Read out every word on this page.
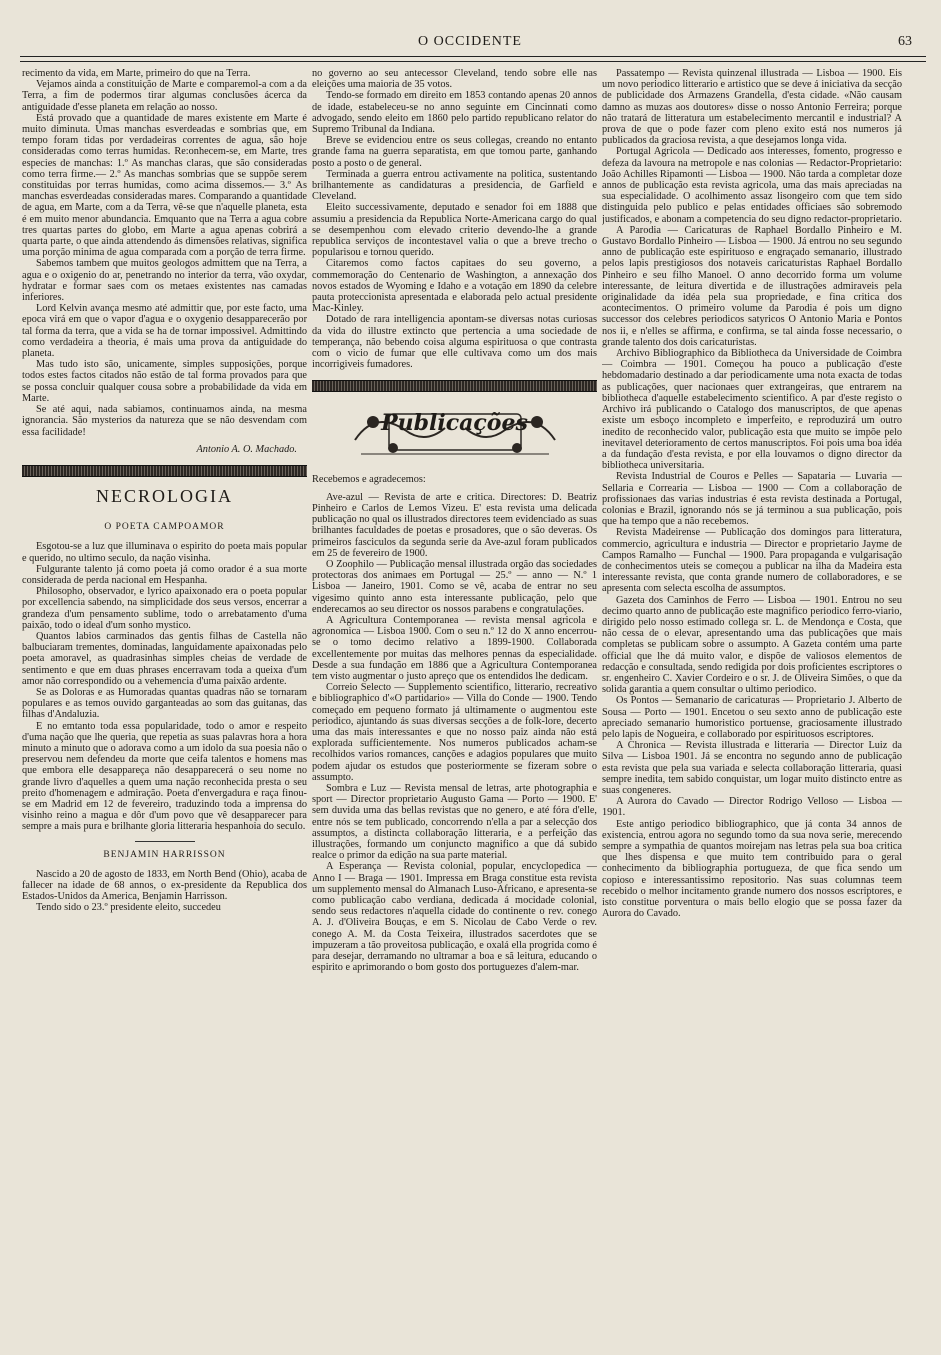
O OCCIDENTE	63

recimento da vida, em Marte, primeiro do que na Terra.

Vejamos ainda a constituição de Marte e comparemol-a com a da Terra, a fim de podermos tirar algumas conclusões ácerca da antiguidade d'esse planeta em relação ao nosso.

Está provado que a quantidade de mares existente em Marte é muito diminuta. Umas manchas esverdeadas e sombrias que, em tempo foram tidas por verdadeiras correntes de agua, são hoje consideradas como terras humidas. Re:onhecem-se, em Marte, tres especies de manchas: 1.º As manchas claras, que são consideradas como terra firme.— 2.º As manchas sombrias que se suppõe serem constituidas por terras humidas, como acima dissemos.— 3.º As manchas esverdeadas consideradas mares. Comparando a quantidade de agua, em Marte, com a da Terra, vê-se que n'aquelle planeta, esta é em muito menor abundancia. Emquanto que na Terra a agua cobre tres quartas partes do globo, em Marte a agua apenas cobrirá a quarta parte, o que ainda attendendo ás dimensões relativas, significa uma porção minima de agua comparada com a porção de terra firme.

Sabemos tambem que muitos geologos admittem que na Terra, a agua e o oxigenio do ar, penetrando no interior da terra, vão oxydar, hydratar e formar saes com os metaes existentes nas camadas inferiores.

Lord Kelvin avança mesmo até admittir que, por este facto, uma epoca virá em que o vapor d'agua e o oxygenio desapparecerão por tal forma da terra, que a vida se ha de tornar impossivel. Admittindo como verdadeira a theoria, é mais uma prova da antiguidade do planeta.

Mas tudo isto são, unicamente, simples supposições, porque todos estes factos citados não estão de tal forma provados para que se possa concluir qualquer cousa sobre a probabilidade da vida em Marte.

Se até aqui, nada sabiamos, continuamos ainda, na mesma ignorancia. São mysterios da natureza que se não desvendam com essa facilidade!

Antonio A. O. Machado.
NECROLOGIA
O POETA CAMPOAMOR

Esgotou-se a luz que illuminava o espirito do poeta mais popular e querido, no ultimo seculo, da nação visinha.

Fulgurante talento já como poeta já como orador é a sua morte considerada de perda nacional em Hespanha.

Philosopho, observador, e lyrico apaixonado era o poeta popular por excellencia sabendo, na simplicidade dos seus versos, encerrar a grandeza d'um pensamento sublime, todo o arrebatamento d'uma paixão, todo o ideal d'um sonho mystico.

Quantos labios carminados das gentis filhas de Castella não balbuciaram trementes, dominadas, languidamente apaixonadas pelo poeta amoravel, as quadrasinhas simples cheias de verdade de sentimento e que em duas phrases encerravam toda a queixa d'um amor não correspondido ou a vehemencia d'uma paixão ardente.

Se as Doloras e as Humoradas quantas quadras não se tornaram populares e as temos ouvido garganteadas ao som das guitanas, das filhas d'Andaluzia.

E no emtanto toda essa popularidade, todo o amor e respeito d'uma nação que lhe queria, que repetia as suas palavras hora a hora minuto a minuto que o adorava como a um idolo da sua poesia não o preservou nem defendeu da morte que ceifa talentos e homens mas que embora elle desappareça não desapparecerá o seu nome no grande livro d'aquelles a quem uma nação reconhecida presta o seu preito d'homenagem e admiração. Poeta d'envergadura e raça finou-se em Madrid em 12 de fevereiro, traduzindo toda a imprensa do visinho reino a magua e dôr d'um povo que vê desapparecer para sempre a mais pura e brilhante gloria litteraria hespanhoia do seculo.

BENJAMIN HARRISSON

Nascido a 20 de agosto de 1833, em North Bend (Ohio), acaba de fallecer na idade de 68 annos, o ex-presidente da Republica dos Estados-Unidos da America, Benjamin Harrisson.

Tendo sido o 23.º presidente eleito, succedeu

no governo ao seu antecessor Cleveland, tendo sobre elle nas eleições uma maioria de 35 votos.

Tendo-se formado em direito em 1853 contando apenas 20 annos de idade, estabeleceu-se no anno seguinte em Cincinnati como advogado, sendo eleito em 1860 pelo partido republicano relator do Supremo Tribunal da Indiana.

Breve se evidenciou entre os seus collegas, creando no entanto grande fama na guerra separatista, em que tomou parte, ganhando posto a posto o de general.

Terminada a guerra entrou activamente na politica, sustentando brilhantemente as candidaturas a presidencia, de Garfield e Cleveland.

Eleito successivamente, deputado e senador foi em 1888 que assumiu a presidencia da Republica Norte-Americana cargo do qual se desempenhou com elevado criterio devendo-lhe a grande republica serviços de incontestavel valia o que a breve trecho o popularisou e tornou querido.

Citaremos como factos capitaes do seu governo, a commemoração do Centenario de Washington, a annexação dos novos estados de Wyoming e Idaho e a votação em 1890 da celebre pauta proteccionista apresentada e elaborada pelo actual presidente Mac-Kinley.

Dotado de rara intelligencia apontam-se diversas notas curiosas da vida do illustre extincto que pertencia a uma sociedade de temperança, não bebendo coisa alguma espirituosa o que contrasta com o vicio de fumar que elle cultivava como um dos mais incorrigiveis fumadores.

Publicações

Recebemos e agradecemos:

Ave-azul — Revista de arte e critica. Directores: D. Beatriz Pinheiro e Carlos de Lemos Vizeu. E' esta revista uma delicada publicação no qual os illustrados directores teem evidenciado as suas brilhantes faculdades de poetas e prosadores, que o são deveras. Os primeiros fasciculos da segunda serie da Ave-azul foram publicados em 25 de fevereiro de 1900.

O Zoophilo — Publicação mensal illustrada orgão das sociedades protectoras dos animaes em Portugal — 25.º — anno — N.º 1 Lisboa — Janeiro, 1901. Como se vê, acaba de entrar no seu vigesimo quinto anno esta interessante publicação, pelo que enderecamos ao seu director os nossos parabens e congratulações.

A Agricultura Contemporanea — revista mensal agricola e agronomica — Lisboa 1900. Com o seu n.º 12 do X anno encerrou-se o tomo decimo relativo a 1899-1900. Collaborada excellentemente por muitas das melhores pennas da especialidade. Desde a sua fundação em 1886 que a Agricultura Contemporanea tem visto augmentar o justo apreço que os entendidos lhe dedicam.

Correio Selecto — Supplemento scientifico, litterario, recreativo e bibliographico d'«O partidario» — Villa do Conde — 1900. Tendo começado em pequeno formato já ultimamente o augmentou este periodico, ajuntando ás suas diversas secções a de folk-lore, decerto uma das mais interessantes e que no nosso paiz ainda não está explorada sufficientemente. Nos numeros publicados acham-se recolhidos varios romances, canções e adagios populares que muito podem ajudar os estudos que posteriormente se fizeram sobre o assumpto.

Sombra e Luz — Revista mensal de letras, arte photographia e sport — Director proprietario Augusto Gama — Porto — 1900. E' sem duvida uma das bellas revistas que no genero, e até fóra d'elle, entre nós se tem publicado, concorrendo n'ella a par a selecção dos assumptos, a distincta collaboração litteraria, e a perfeição das illustrações, formando um conjuncto magnifico a que dá subido realce o primor da edição na sua parte material.

A Esperança — Revista colonial, popular, encyclopedica — Anno I — Braga — 1901. Impressa em Braga constitue esta revista um supplemento mensal do Almanach Luso-Africano, e apresenta-se como publicação cabo verdiana, dedicada á mocidade colonial, sendo seus redactores n'aquella cidade do continente o rev. conego A. J. d'Oliveira Bouças, e em S. Nicolau de Cabo Verde o rev. conego A. M. da Costa Teixeira, illustrados sacerdotes que se impuzeram a tão proveitosa publicação, e oxalá ella progrida como é para desejar, derramando no ultramar a boa e sã leitura, educando o espirito e aprimorando o bom gosto dos portuguezes d'alem-mar.

Passatempo — Revista quinzenal illustrada — Lisboa — 1900. Eis um novo periodico litterario e artistico que se deve á iniciativa da secção de publicidade dos Armazens Grandella, d'esta cidade. «Não causam damno as muzas aos doutores» disse o nosso Antonio Ferreira; porque não tratará de litteratura um estabelecimento mercantil e industrial? A prova de que o pode fazer com pleno exito está nos numeros já publicados da graciosa revista, a que desejamos longa vida.

Portugal Agricola — Dedicado aos interesses, fomento, progresso e defeza da lavoura na metropole e nas colonias — Redactor-Proprietario: João Achilles Ripamonti — Lisboa — 1900. Não tarda a completar doze annos de publicação esta revista agricola, uma das mais apreciadas na sua especialidade. O acolhimento assaz lisongeiro com que tem sido distinguida pelo publico e pelas entidades officiaes são sobremodo justificados, e abonam a competencia do seu digno redactor-proprietario.

A Parodia — Caricaturas de Raphael Bordallo Pinheiro e M. Gustavo Bordallo Pinheiro — Lisboa — 1900. Já entrou no seu segundo anno de publicação este espirituoso e engraçado semanario, illustrado pelos lapis prestigiosos dos notaveis caricaturistas Raphael Bordallo Pinheiro e seu filho Manoel. O anno decorrido forma um volume interessante, de leitura divertida e de illustrações admiraveis pela originalidade da idéa pela sua propriedade, e fina critica dos acontecimentos. O primeiro volume da Parodia é pois um digno successor dos celebres periodicos satyricos O Antonio Maria e Pontos nos ii, e n'elles se affirma, e confirma, se tal ainda fosse necessario, o grande talento dos dois caricaturistas.

Archivo Bibliographico da Bibliotheca da Universidade de Coimbra — Coimbra — 1901. Começou ha pouco a publicação d'este hebdomadario destinado a dar periodicamente uma nota exacta de todas as publicações, quer nacionaes quer extrangeiras, que entrarem na bibliotheca d'aquelle estabelecimento scientifico. A par d'este registo o Archivo irá publicando o Catalogo dos manuscriptos, de que apenas existe um esboço incompleto e imperfeito, e reproduzirá um outro inedito de reconhecido valor, publicação esta que muito se impõe pelo inevitavel deterioramento de certos manuscriptos. Foi pois uma boa idéa a da fundação d'esta revista, e por ella louvamos o digno director da bibliotheca universitaria.

Revista Industrial de Couros e Pelles — Sapataria — Luvaria — Sellaria e Correaria — Lisboa — 1900 — Com a collaboração de profissionaes das varias industrias é esta revista destinada a Portugal, colonias e Brazil, ignorando nós se já terminou a sua publicação, pois que ha tempo que a não recebemos.

Revista Madeirense — Publicação dos domingos para litteratura, commercio, agricultura e industria — Director e proprietario Jayme de Campos Ramalho — Funchal — 1900. Para propaganda e vulgarisação de conhecimentos uteis se começou a publicar na ilha da Madeira esta interessante revista, que conta grande numero de collaboradores, e se apresenta com selecta escolha de assumptos.

Gazeta dos Caminhos de Ferro — Lisboa — 1901. Entrou no seu decimo quarto anno de publicação este magnifico periodico ferro-viario, dirigido pelo nosso estimado collega sr. L. de Mendonça e Costa, que não cessa de o elevar, apresentando uma das publicações que mais completas se publicam sobre o assumpto. A Gazeta contém uma parte official que lhe dá muito valor, e dispõe de valiosos elementos de redacção e consultada, sendo redigida por dois proficientes escriptores o sr. engenheiro C. Xavier Cordeiro e o sr. J. de Oliveira Simões, o que da solida garantia a quem consultar o ultimo periodico.

Os Pontos — Semanario de caricaturas — Proprietario J. Alberto de Sousa — Porto — 1901. Encetou o seu sexto anno de publicação este apreciado semanario humoristico portuense, graciosamente illustrado pelo lapis de Nogueira, e collaborado por espirituosos escriptores.

A Chronica — Revista illustrada e litteraria — Director Luiz da Silva — Lisboa 1901. Já se encontra no segundo anno de publicação esta revista que pela sua variada e selecta collaboração litteraria, quasi sempre inedita, tem sabido conquistar, um logar muito distincto entre as suas congeneres.

A Aurora do Cavado — Director Rodrigo Velloso — Lisboa — 1901.

Este antigo periodico bibliographico, que já conta 34 annos de existencia, entrou agora no segundo tomo da sua nova serie, merecendo sempre a sympathia de quantos moirejam nas letras pela sua boa critica que lhes dispensa e que muito tem contribuido para o geral conhecimento da bibliographia portugueza, de que fica sendo um copioso e interessantissimo repositorio. Nas suas columnas teem recebido o melhor incitamento grande numero dos nossos escriptores, e isto constitue porventura o mais bello elogio que se possa fazer da Aurora do Cavado.
